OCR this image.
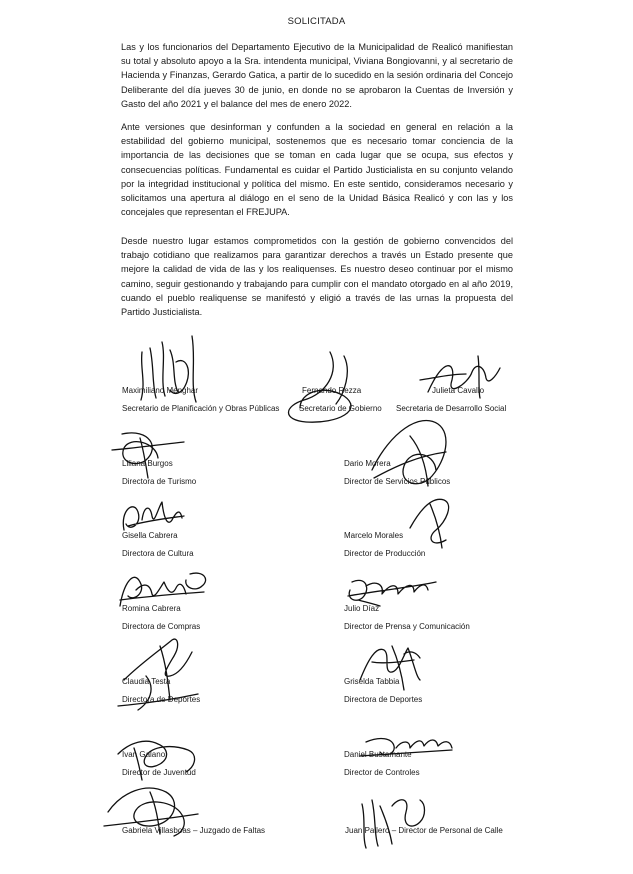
SOLICITADA

Las y los funcionarios del Departamento Ejecutivo de la Municipalidad de Realicó manifiestan su total y absoluto apoyo a la Sra. intendenta municipal, Viviana Bongiovanni, y al secretario de Hacienda y Finanzas, Gerardo Gatica, a partir de lo sucedido en la sesión ordinaria del Concejo Deliberante del día jueves 30 de junio, en donde no se aprobaron la Cuentas de Inversión y Gasto del año 2021 y el balance del mes de enero 2022.

Ante versiones que desinforman y confunden a la sociedad en general en relación a la estabilidad del gobierno municipal, sostenemos que es necesario tomar conciencia de la importancia de las decisiones que se toman en cada lugar que se ocupa, sus efectos y consecuencias políticas. Fundamental es cuidar el Partido Justicialista en su conjunto velando por la integridad institucional y política del mismo. En este sentido, consideramos necesario y solicitamos una apertura al diálogo en el seno de la Unidad Básica Realicó y con las y los concejales que representan el FREJUPA.

Desde nuestro lugar estamos comprometidos con la gestión de gobierno convencidos del trabajo cotidiano que realizamos para garantizar derechos a través un Estado presente que mejore la calidad de vida de las y los realiquenses. Es nuestro deseo continuar por el mismo camino, seguir gestionando y trabajando para cumplir con el mandato otorgado en al año 2019, cuando el pueblo realiquense se manifestó y eligió a través de las urnas la propuesta del Partido Justicialista.

Maximiliano Menghar
Secretario de Planificación y Obras Públicas
Fernando Rezza
Secretario de Gobierno
Julieta Cavallo
Secretaria de Desarrollo Social
Liliana Burgos
Directora de Turismo
Dario Morera
Director de Servicios Públicos
Gisella Cabrera
Directora de Cultura
Marcelo Morales
Director de Producción
Romina Cabrera
Directora de Compras
Julio Díaz
Director de Prensa y Comunicación
Claudia Testa
Directora de Deportes
Griselda Tabbia
Directora de Deportes
Ivan Galano
Director de Juventud
Daniel Bustamante
Director de Controles
Gabriela Villasboas – Juzgado de Faltas	Juan Pallero – Director de Personal de Calle
